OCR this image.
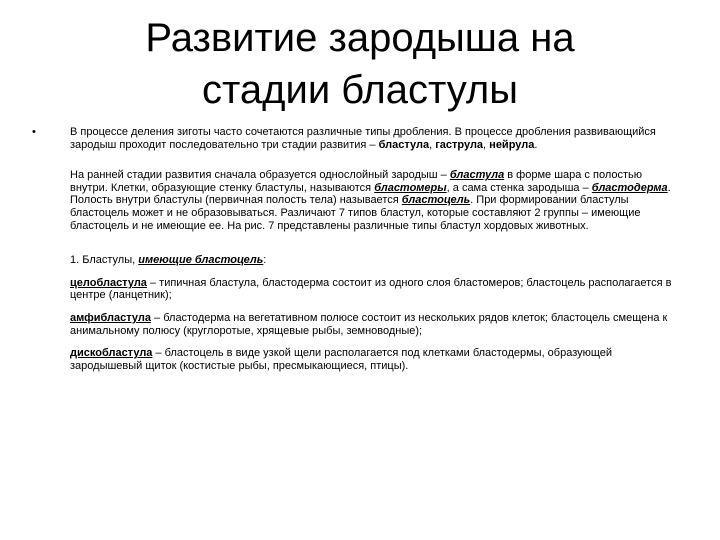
Развитие зародыша на
стадии бластулы
•	В процессе деления зиготы часто сочетаются различные типы дробления. В процессе дробления развивающийся зародыш проходит последовательно три стадии развития – бластула, гаструла, нейрула.

На ранней стадии развития сначала образуется однослойный зародыш – бластула в форме шара с полостью внутри. Клетки, образующие стенку бластулы, называются бластомеры, а сама стенка зародыша – бластодерма. Полость внутри бластулы (первичная полость тела) называется бластоцель. При формировании бластулы бластоцель может и не образовываться. Различают 7 типов бластул, которые составляют 2 группы – имеющие бластоцель и не имеющие ее. На рис. 7 представлены различные типы бластул хордовых животных.

1. Бластулы, имеющие бластоцель:

целобластула – типичная бластула, бластодерма состоит из одного слоя бластомеров; бластоцель располагается в центре (ланцетник);

амфибластула – бластодерма на вегетативном полюсе состоит из нескольких рядов клеток; бластоцель смещена к анимальному полюсу (круглоротые, хрящевые рыбы, земноводные);

дискобластула – бластоцель в виде узкой щели располагается под клетками бластодермы, образующей зародышевый щиток (костистые рыбы, пресмыкающиеся, птицы).
